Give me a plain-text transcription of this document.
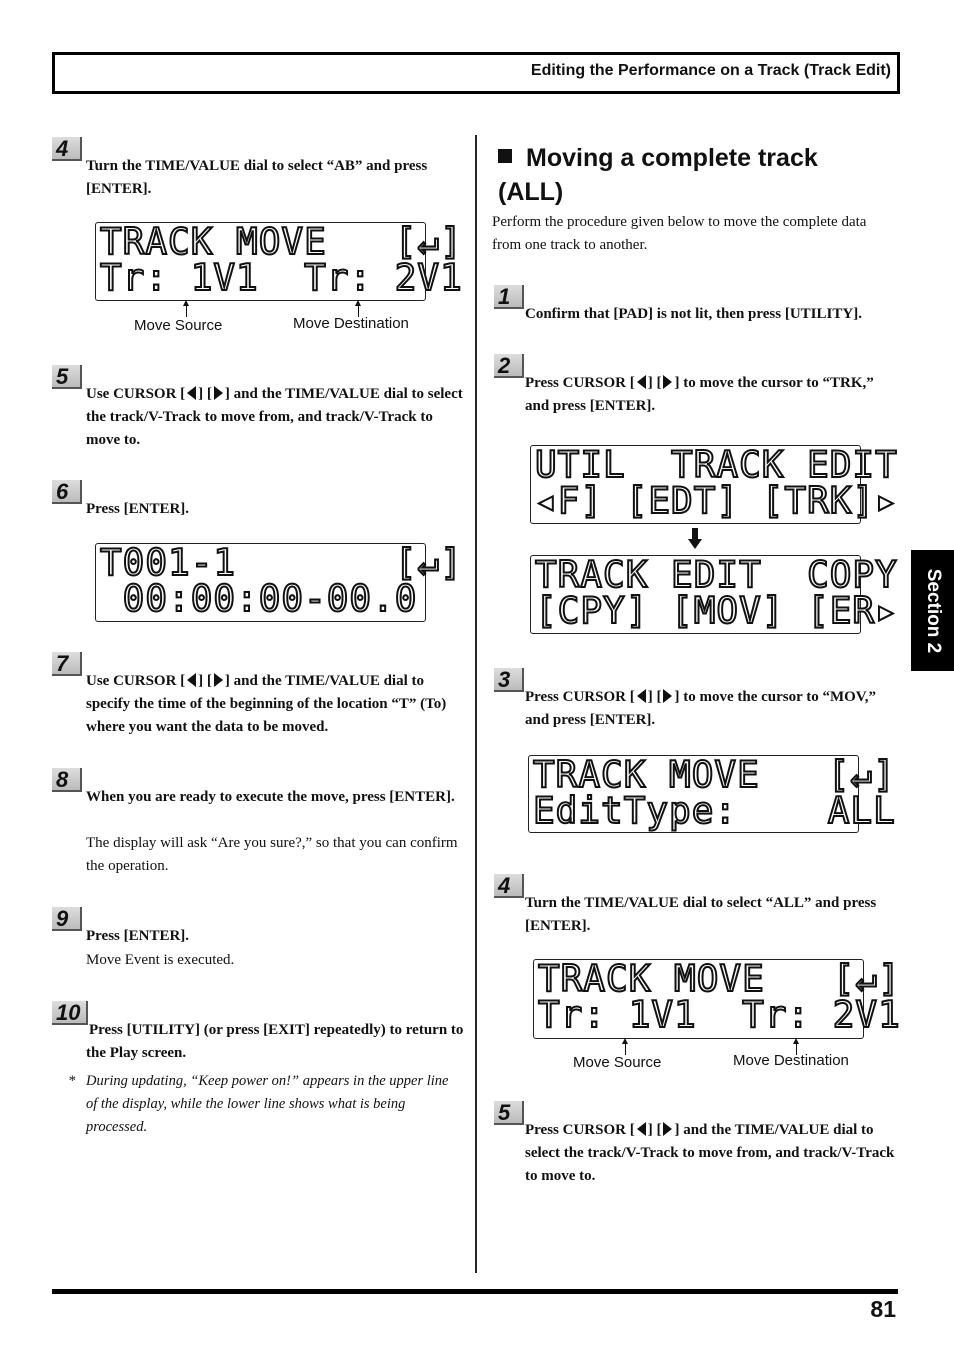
Editing the Performance on a Track (Track Edit)
Section 2
4
Turn the TIME/VALUE dial to select “AB” and press [ENTER].
TRACK MOVE   [↵]
Tr: 1V1  Tr: 2V1
Move Source	Move Destination
5
Use CURSOR [ ] [ ] and the TIME/VALUE dial to select the track/V-Track to move from, and track/V-Track to move to.
6
Press [ENTER].
T001-1       [↵]
00:00:00-00.0
7
Use CURSOR [ ] [ ] and the TIME/VALUE dial to specify the time of the beginning of the location “T” (To) where you want the data to be moved.
8
When you are ready to execute the move, press [ENTER].
The display will ask “Are you sure?,” so that you can confirm the operation.
9
Press [ENTER].
Move Event is executed.
10
Press [UTILITY] (or press [EXIT] repeatedly) to return to the Play screen.
* During updating, “Keep power on!” appears in the upper line of the display, while the lower line shows what is being processed.
Moving a complete track (ALL)
Perform the procedure given below to move the complete data from one track to another.
1
Confirm that [PAD] is not lit, then press [UTILITY].
2
Press CURSOR [ ] [ ] to move the cursor to “TRK,” and press [ENTER].
UTIL  TRACK EDIT
◂F] [EDT] [TRK]▸
TRACK EDIT  COPY
[CPY] [MOV] [ER▸
3
Press CURSOR [ ] [ ] to move the cursor to “MOV,” and press [ENTER].
TRACK MOVE   [↵]
EditType:    ALL
4
Turn the TIME/VALUE dial to select “ALL” and press [ENTER].
TRACK MOVE   [↵]
Tr: 1V1  Tr: 2V1
Move Source	Move Destination
5
Press CURSOR [ ] [ ] and the TIME/VALUE dial to select the track/V-Track to move from, and track/V-Track to move to.
81
